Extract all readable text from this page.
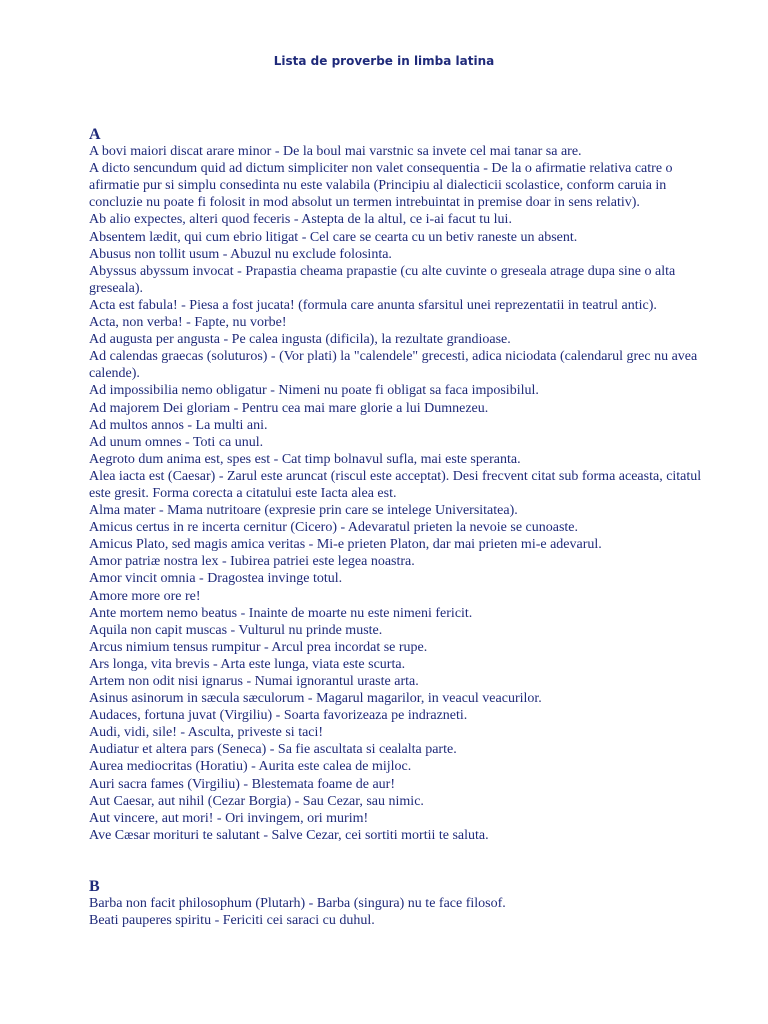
Lista de proverbe in limba latina
A

A bovi maiori discat arare minor - De la boul mai varstnic sa invete cel mai tanar sa are.

A dicto sencundum quid ad dictum simpliciter non valet consequentia - De la o afirmatie relativa catre o afirmatie pur si simplu consedinta nu este valabila (Principiu al dialecticii scolastice, conform caruia in concluzie nu poate fi folosit in mod absolut un termen intrebuintat in premise doar in sens relativ).

Ab alio expectes, alteri quod feceris - Astepta de la altul, ce i-ai facut tu lui.

Absentem lædit, qui cum ebrio litigat - Cel care se cearta cu un betiv raneste un absent.

Abusus non tollit usum - Abuzul nu exclude folosinta.

Abyssus abyssum invocat - Prapastia cheama prapastie (cu alte cuvinte o greseala atrage dupa sine o alta greseala).

Acta est fabula! - Piesa a fost jucata! (formula care anunta sfarsitul unei reprezentatii in teatrul antic).

Acta, non verba! - Fapte, nu vorbe!

Ad augusta per angusta - Pe calea ingusta (dificila), la rezultate grandioase.

Ad calendas graecas (soluturos) - (Vor plati) la "calendele" grecesti, adica niciodata (calendarul grec nu avea calende).

Ad impossibilia nemo obligatur - Nimeni nu poate fi obligat sa faca imposibilul.

Ad majorem Dei gloriam - Pentru cea mai mare glorie a lui Dumnezeu.

Ad multos annos - La multi ani.

Ad unum omnes - Toti ca unul.

Aegroto dum anima est, spes est - Cat timp bolnavul sufla, mai este speranta.

Alea iacta est (Caesar) - Zarul este aruncat (riscul este acceptat). Desi frecvent citat sub forma aceasta, citatul este gresit. Forma corecta a citatului este Iacta alea est.

Alma mater - Mama nutritoare (expresie prin care se intelege Universitatea).

Amicus certus in re incerta cernitur (Cicero) - Adevaratul prieten la nevoie se cunoaste.

Amicus Plato, sed magis amica veritas - Mi-e prieten Platon, dar mai prieten mi-e adevarul.

Amor patriæ nostra lex - Iubirea patriei este legea noastra.

Amor vincit omnia - Dragostea invinge totul.

Amore more ore re!

Ante mortem nemo beatus - Inainte de moarte nu este nimeni fericit.

Aquila non capit muscas - Vulturul nu prinde muste.

Arcus nimium tensus rumpitur - Arcul prea incordat se rupe.

Ars longa, vita brevis - Arta este lunga, viata este scurta.

Artem non odit nisi ignarus - Numai ignorantul uraste arta.

Asinus asinorum in sæcula sæculorum - Magarul magarilor, in veacul veacurilor.

Audaces, fortuna juvat (Virgiliu) - Soarta favorizeaza pe indrazneti.

Audi, vidi, sile! - Asculta, priveste si taci!

Audiatur et altera pars (Seneca) - Sa fie ascultata si cealalta parte.

Aurea mediocritas (Horatiu) - Aurita este calea de mijloc.

Auri sacra fames (Virgiliu) - Blestemata foame de aur!

Aut Caesar, aut nihil (Cezar Borgia) - Sau Cezar, sau nimic.

Aut vincere, aut mori! - Ori invingem, ori murim!

Ave Cæsar morituri te salutant - Salve Cezar, cei sortiti mortii te saluta.

B

Barba non facit philosophum (Plutarh) - Barba (singura) nu te face filosof.

Beati pauperes spiritu - Fericiti cei saraci cu duhul.
